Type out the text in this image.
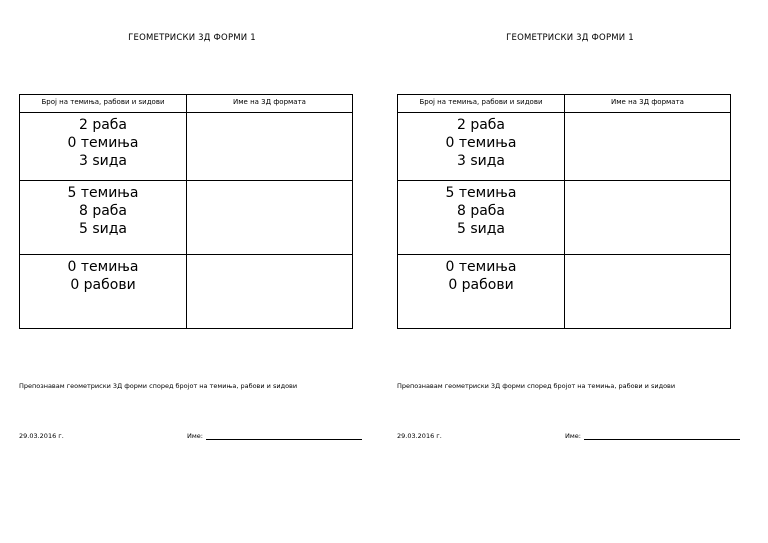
ГЕОМЕТРИСКИ 3Д ФОРМИ 1
Број на темиња, рабови и ѕидови	Име на 3Д формата

2 раба
0 темиња
3 ѕида	

5 темиња
8 раба
5 ѕида	

0 темиња
0 рабови	

Препознавам геометриски 3Д форми според бројот на темиња, рабови и ѕидови
29.03.2016 г.	Име:
ГЕОМЕТРИСКИ 3Д ФОРМИ 1
Број на темиња, рабови и ѕидови	Име на 3Д формата

2 раба
0 темиња
3 ѕида	

5 темиња
8 раба
5 ѕида	

0 темиња
0 рабови	

Препознавам геометриски 3Д форми според бројот на темиња, рабови и ѕидови
29.03.2016 г.	Име:
